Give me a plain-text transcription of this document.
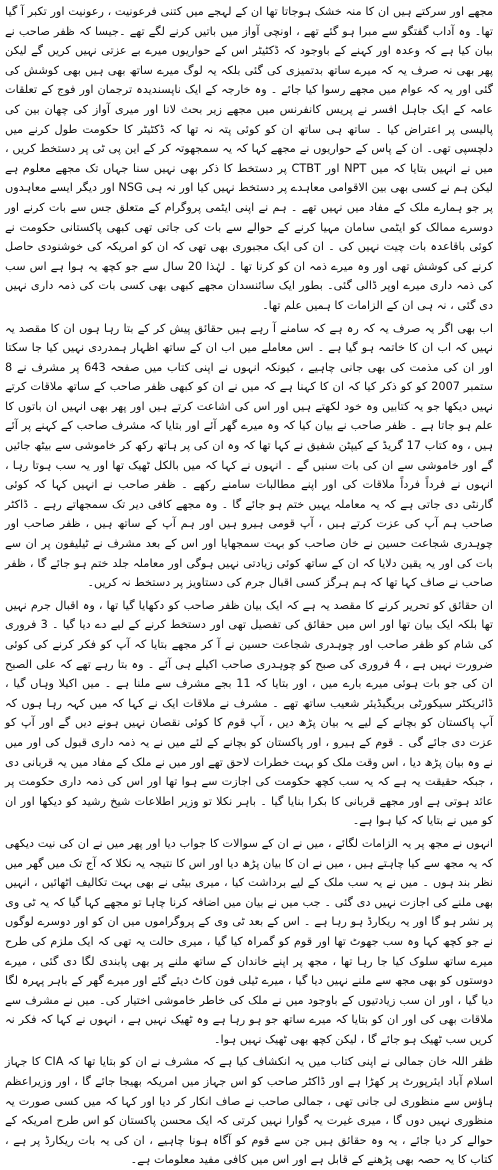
مجھے اور سرکتے ہیں ان کا منہ خشک ہوجاتا تھا ان کے لہجے میں کتنی فرعونیت ، رعونیت اور تکبر آ گیا تھا۔ وہ آداب گفتگو سے مبرا ہو گئے تھے ، اونچی آواز میں باتیں کرنے لگے تھے ۔جیسا کہ ظفر صاحب نے بیان کیا ہے کہ وعدہ اور کہنے کے باوجود کہ ڈکٹیٹر اس کے حواریوں میرے بے عزتی نہیں کریں گے لیکن پھر بھی نہ صرف یہ کہ میرے ساتھ بدتمیزی کی گئی بلکہ یہ لوگ میرے ساتھ بھی ہیں بھی کوشش کی گئی اور یہ کہ عوام میں مجھے رسوا کیا جائے ۔ وہ خارجہ کے ایک ناپسندیدہ ترجمان اور فوج کے تعلقات عامہ کے ایک جاہل افسر نے پریس کانفرنس میں مجھے زیر بحث لانا اور میری آواز کی چھان بین کی پالیسی پر اعتراض کیا ۔ ساتھ ہی ساتھ ان کو کوئی پتہ نہ تھا کہ ڈکٹیٹر کا حکومت طول کرنے میں دلچسپی تھی۔ ان کے پاس کے حواریوں نے مجھے کہا کہ یہ سمجھوتہ کر کے این پی ٹی پر دستخط کریں ، میں نے انہیں بتایا کہ میں NPT اور CTBT پر دستخط کا ذکر بھی نہیں سنا جہاں تک مجھے معلوم ہے لیکن ہم نے کسی بھی بین الاقوامی معاہدے پر دستخط نہیں کیا اور نہ ہی NSG اور دیگر ایسے معاہدوں پر جو ہمارے ملک کے مفاد میں نہیں تھے ۔ ہم نے اپنی ایٹمی پروگرام کے متعلق جس سے بات کرنے اور دوسرے ممالک کو ایٹمی سامان مہیا کرنے کے حوالے سے بات کی جاتی تھی کبھی پاکستانی حکومت نے کوئی باقاعدہ بات چیت نہیں کی ۔ ان کی ایک مجبوری بھی تھی کہ ان کو امریکہ کی خوشنودی حاصل کرنے کی کوشش تھی اور وہ میرے ذمہ ان کو کرنا تھا ۔ لہٰذا 20 سال سے جو کچھ یہ ہوا ہے اس سب کی ذمہ داری میرے اوپر ڈالی گئی۔ بطور ایک سائنسدان مجھے کبھی بھی کسی بات کی ذمہ داری نہیں دی گئی ، نہ ہی ان کے الزامات کا ہمیں علم تھا۔

اب بھی اگر یہ صرف یہ کہ رہ ہے کہ سامنے آ رہے ہیں حقائق پیش کر کے بتا رہا ہوں ان کا مقصد یہ نہیں کہ اب ان کا خاتمہ ہو گیا ہے ۔ اس معاملے میں اب ان کے ساتھ اظہار ہمدردی نہیں کیا جا سکتا اور ان کی مذمت کی بھی جانی چاہیے ، کیونکہ انہوں نے اپنی کتاب میں صفحہ 643 پر مشرف نے 8 ستمبر 2007 کو کو ذکر کیا کہ ان کا کہنا ہے کہ میں نے ان کو کبھی ظفر صاحب کے ساتھ ملاقات کرتے نہیں دیکھا جو یہ کتابیں وہ خود لکھتے ہیں اور اس کی اشاعت کرتے ہیں اور پھر بھی انہیں ان باتوں کا علم ہو جاتا ہے ۔ ظفر صاحب نے بیان کیا کہ وہ میرے گھر آئے اور بتایا کہ مشرف صاحب کے کہنے پر آئے ہیں ، وہ کتاب 17 گریڈ کے کیپٹن شفیق نے کہا تھا کہ وہ ان کی پر ہاتھ رکھ کر خاموشی سے بیٹھ جائیں گے اور خاموشی سے ان کی بات سنیں گے ۔ انہوں نے کہا کہ میں بالکل ٹھیک تھا اور یہ سب ہوتا رہا ، انہوں نے فرداً فرداً ملاقات کی اور اپنے مطالبات سامنے رکھے ۔ ظفر صاحب نے انہیں کہا کہ کوئی گارنٹی دی جاتی ہے کہ یہ معاملہ یہیں ختم ہو جائے گا ۔ وہ مجھے کافی دیر تک سمجھاتے رہے ۔ ڈاکٹر صاحب ہم آپ کی عزت کرتے ہیں ، آپ قومی ہیرو ہیں اور ہم آپ کے ساتھ ہیں ، ظفر صاحب اور چوہدری شجاعت حسین نے خان صاحب کو بہت سمجھایا اور اس کے بعد مشرف نے ٹیلیفون پر ان سے بات کی اور یہ یقین دلایا کہ ان کے ساتھ کوئی زیادتی نہیں ہوگی اور معاملہ جلد ختم ہو جائے گا ، ظفر صاحب نے صاف کہا تھا کہ ہم ہرگز کسی اقبال جرم کی دستاویز پر دستخط نہ کریں۔

ان حقائق کو تحریر کرنے کا مقصد یہ ہے کہ ایک بیان ظفر صاحب کو دکھایا گیا تھا ، وہ اقبال جرم نہیں تھا بلکہ ایک بیان تھا اور اس میں حقائق کی تفصیل تھی اور دستخط کرنے کے لیے دے دیا گیا ۔ 3 فروری کی شام کو ظفر صاحب اور چوہدری شجاعت حسین نے آ کر مجھے بتایا کہ آپ کو فکر کرنے کی کوئی ضرورت نہیں ہے ، 4 فروری کی صبح کو چوہدری صاحب اکیلے ہی آئے ۔ وہ بتا رہے تھے کہ علی الصبح ان کی جو بات ہوئی میرے بارے میں ، اور بتایا کہ 11 بجے مشرف سے ملنا ہے ۔ میں اکیلا وہاں گیا ، ڈائریکٹر سیکورٹی بریگیڈیئر شعیب ساتھ تھے ۔ مشرف نے ملاقات ایک نے کہا کہ میں کہہ رہا ہوں کہ آپ پاکستان کو بچانے کے لیے یہ بیان پڑھ دیں ، آپ قوم کا کوئی نقصان نہیں ہونے دیں گے اور آپ کو عزت دی جائے گی ۔ قوم کے ہیرو ، اور پاکستان کو بچانے کے لئے میں نے یہ ذمہ داری قبول کی اور میں نے وہ بیان پڑھ دیا ، اس وقت ملک کو بہت خطرات لاحق تھے اور میں نے ملک کے مفاد میں یہ قربانی دی ، جبکہ حقیقت یہ ہے کہ یہ سب کچھ حکومت کی اجازت سے ہوا تھا اور اس کی ذمہ داری حکومت پر عائد ہوتی ہے اور مجھے قربانی کا بکرا بنایا گیا ۔ باہر نکلا تو وزیر اطلاعات شیخ رشید کو دیکھا اور ان کو میں نے بتایا کہ کیا ہوا ہے۔

انہوں نے مجھ پر یہ الزامات لگائے ، میں نے ان کے سوالات کا جواب دیا اور پھر میں نے ان کی نیت دیکھی کہ یہ مجھ سے کیا چاہتے ہیں ، میں نے ان کا بیان پڑھ دیا اور اس کا نتیجہ یہ نکلا کہ آج تک میں گھر میں نظر بند ہوں ۔ میں نے یہ سب ملک کے لیے برداشت کیا ، میری بیٹی نے بھی بہت تکالیف اٹھائیں ، انہیں بھی ملنے کی اجازت نہیں دی گئی ۔ جب میں نے بیان میں اضافہ کرنا چاہا تو مجھے کہا گیا کہ یہ ٹی وی پر نشر ہو گا اور یہ ریکارڈ ہو رہا ہے ۔ اس کے بعد ٹی وی کے پروگراموں میں ان کو اور دوسرے لوگوں نے جو کچھ کہا وہ سب جھوٹ تھا اور قوم کو گمراہ کیا گیا ، میری حالت یہ تھی کہ ایک ملزم کی طرح میرے ساتھ سلوک کیا جا رہا تھا ، مجھ پر اپنے خاندان کے ساتھ ملنے پر بھی پابندی لگا دی گئی ، میرے دوستوں کو بھی مجھ سے ملنے نہیں دیا گیا ، میرے ٹیلی فون کاٹ دیئے گئے اور میرے گھر کے باہر پہرہ لگا دیا گیا ، اور ان سب زیادتیوں کے باوجود میں نے ملک کی خاطر خاموشی اختیار کی۔ میں نے مشرف سے ملاقات بھی کی اور ان کو بتایا کہ میرے ساتھ جو ہو رہا ہے وہ ٹھیک نہیں ہے ، انہوں نے کہا کہ فکر نہ کریں سب ٹھیک ہو جائے گا ، لیکن کچھ بھی ٹھیک نہیں ہوا۔

ظفر اللہ خان جمالی نے اپنی کتاب میں یہ انکشاف کیا ہے کہ مشرف نے ان کو بتایا تھا کہ CIA کا جہاز اسلام آباد ایئرپورٹ پر کھڑا ہے اور ڈاکٹر صاحب کو اس جہاز میں امریکہ بھیجا جائے گا ، اور وزیراعظم ہاؤس سے منظوری لی جانی تھی ، جمالی صاحب نے صاف انکار کر دیا اور کہا کہ میں کسی صورت یہ منظوری نہیں دوں گا ، میری غیرت یہ گوارا نہیں کرتی کہ ایک محسن پاکستان کو اس طرح امریکہ کے حوالے کر دیا جائے ، یہ وہ حقائق ہیں جن سے قوم کو آگاہ ہونا چاہیے ، ان کی یہ بات ریکارڈ پر ہے ، کتاب کا یہ حصہ بھی پڑھنے کے قابل ہے اور اس میں کافی مفید معلومات ہے۔
